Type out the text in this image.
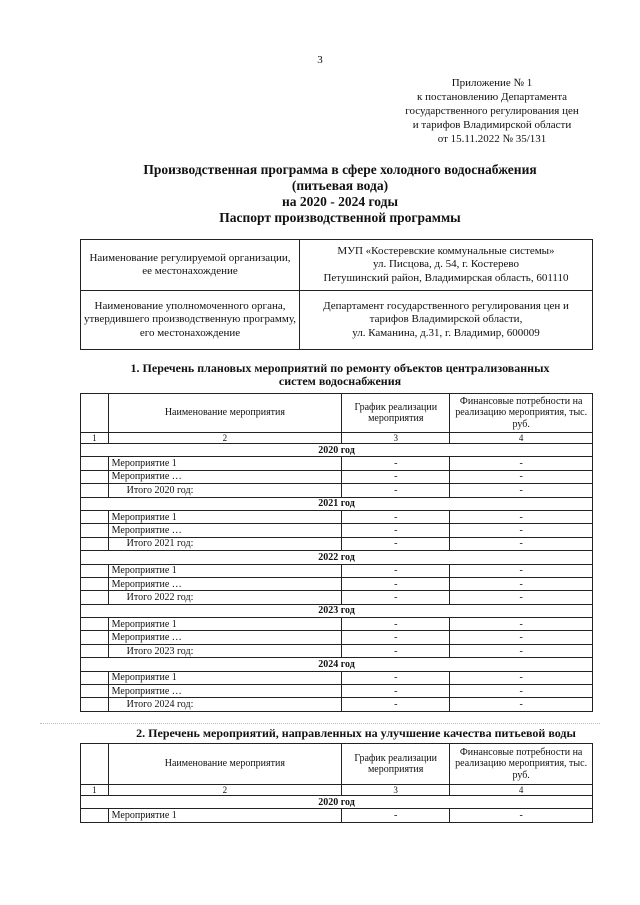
3
Приложение № 1
к постановлению Департамента
государственного регулирования цен
и тарифов Владимирской области
от 15.11.2022 № 35/131
Производственная программа в сфере холодного водоснабжения
(питьевая вода)
на 2020 - 2024 годы
Паспорт производственной программы
Наименование регулируемой организации, ее местонахождение	МУП «Костеревские коммунальные системы»
ул. Писцова, д. 54, г. Костерево
Петушинский район, Владимирская область, 601110

Наименование уполномоченного органа, утвердившего производственную программу, его местонахождение	Департамент государственного регулирования цен и
тарифов Владимирской области,
ул. Каманина, д.31, г. Владимир, 600009
1. Перечень плановых мероприятий по ремонту объектов централизованных
систем водоснабжения
	Наименование мероприятия	График реализации мероприятия	Финансовые потребности на реализацию мероприятия, тыс. руб.
1	2	3	4
2020 год			
	Мероприятие 1	-	-
	Мероприятие …	-	-
	Итого 2020 год:	-	-
2021 год			
	Мероприятие 1	-	-
	Мероприятие …	-	-
	Итого 2021 год:	-	-
2022 год			
	Мероприятие 1	-	-
	Мероприятие …	-	-
	Итого 2022 год:	-	-
2023 год			
	Мероприятие 1	-	-
	Мероприятие …	-	-
	Итого 2023 год:	-	-
2024 год			
	Мероприятие 1	-	-
	Мероприятие …	-	-
	Итого 2024 год:	-	-
2. Перечень мероприятий, направленных на улучшение качества питьевой воды
	Наименование мероприятия	График реализации мероприятия	Финансовые потребности на реализацию мероприятия, тыс. руб.
1	2	3	4
2020 год			
	Мероприятие 1	-	-
